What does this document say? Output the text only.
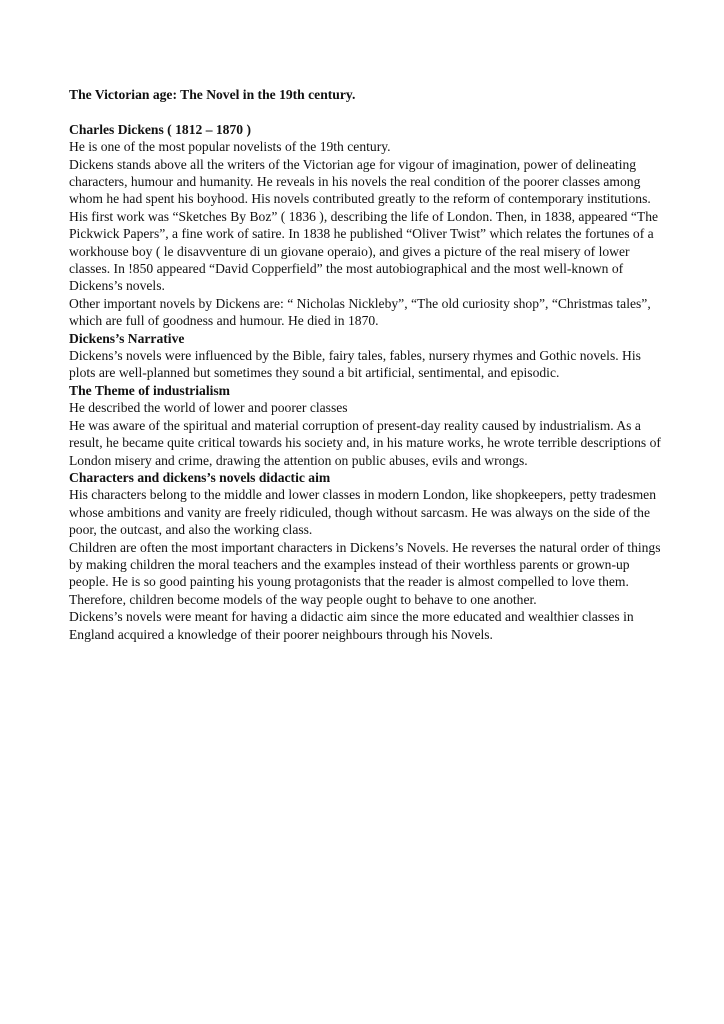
The Victorian age: The Novel in the 19th century.

Charles Dickens ( 1812 – 1870 )

He is one of the most popular novelists of the 19th century.

Dickens stands above all the writers of the Victorian age for vigour of imagination, power of delineating characters, humour and humanity. He reveals in his novels the real condition of the poorer classes among whom he had spent his boyhood. His novels contributed greatly to the reform of contemporary institutions. His first work was “Sketches By Boz” ( 1836 ), describing the life of London. Then, in 1838, appeared “The Pickwick Papers”, a fine work of satire. In 1838 he published “Oliver Twist” which relates the fortunes of a workhouse boy ( le disavventure di un giovane operaio), and gives a picture of the real misery of lower classes. In !850 appeared “David Copperfield” the most autobiographical and the most well-known of Dickens’s novels.

Other important novels by Dickens are: “ Nicholas Nickleby”, “The old curiosity shop”, “Christmas tales”, which are full of goodness and humour. He died in 1870.

Dickens’s Narrative

Dickens’s novels were influenced by the Bible, fairy tales, fables, nursery rhymes and Gothic novels. His plots are well-planned but sometimes they sound a bit artificial, sentimental, and episodic.

The Theme of industrialism

He described the world of lower and poorer classes

He was aware of the spiritual and material corruption of present-day reality caused by industrialism. As a result, he became quite critical towards his society and, in his mature works, he wrote terrible descriptions of London misery and crime, drawing the attention on public abuses, evils and wrongs.

Characters and dickens’s novels didactic aim

His characters belong to the middle and lower classes in modern London, like shopkeepers, petty tradesmen whose ambitions and vanity are freely ridiculed, though without sarcasm. He was always on the side of the poor, the outcast, and also the working class.

Children are often the most important characters in Dickens’s Novels. He reverses the natural order of things by making children the moral teachers and the examples instead of their worthless parents or grown-up people. He is so good painting his young protagonists that the reader is almost compelled to love them. Therefore, children become models of the way people ought to behave to one another.

Dickens’s novels were meant for having a didactic aim since the more educated and wealthier classes in England acquired a knowledge of their poorer neighbours through his Novels.
